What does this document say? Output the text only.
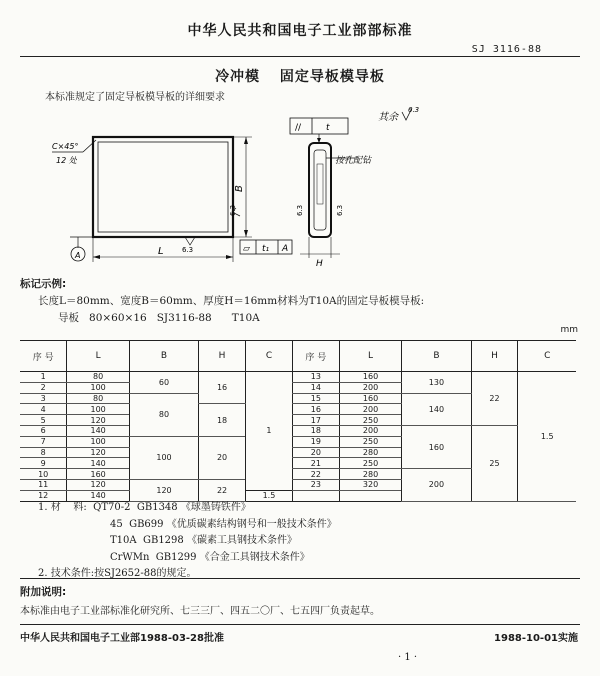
中华人民共和国电子工业部部标准
SJ 3116-88
冷冲模 固定导板模导板
本标准规定了固定导板模导板的详细要求
C×45°
12 处
B
6.3
L	6.3
A
▱ t₁ A
//	t
按孔配钻
6.3	6.3
H
其余
6.3
标记示例:
长度L＝80mm、宽度B＝60mm、厚度H＝16mm材料为T10A的固定导板模导板:
导板   80×60×16   SJ3116-88      T10A
mm
序 号	L	B	H	C	序 号	L	B	H	C
1	80	60	16	1	13	160	130	22	1.5
2	100				14	200			
3	80	80			15	160	140		
4	100		18		16	200			
5	120				17	250			
6	140				18	200	160	25	
7	100	100	20		19	250			
8	120				20	280			
9	140				21	250			
10	160				22	280	200		
11	120	120	22		23	320			
12	140			1.5					
1. 材    料: QT70-2 GB1348 《球墨铸铁件》
45 GB699 《优质碳素结构钢号和一般技术条件》
T10A GB1298 《碳素工具钢技术条件》
CrWMn GB1299 《合金工具钢技术条件》
2. 技术条件:按SJ2652-88的规定。
附加说明:
本标准由电子工业部标准化研究所、七三三厂、四五二〇厂、七五四厂负责起草。
中华人民共和国电子工业部1988-03-28批准	1988-10-01实施
· 1 ·
